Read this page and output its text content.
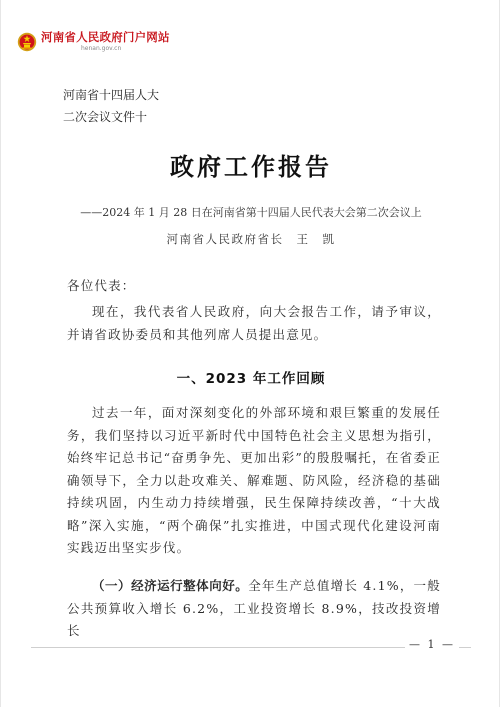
河南省人民政府门户网站
henan.gov.cn
河南省十四届人大
二次会议文件十
政府工作报告
——2024 年 1 月 28 日在河南省第十四届人民代表大会第二次会议上
河南省人民政府省长　王　凯
各位代表：
现在，我代表省人民政府，向大会报告工作，请予审议，并请省政协委员和其他列席人员提出意见。
一、2023 年工作回顾
过去一年，面对深刻变化的外部环境和艰巨繁重的发展任务，我们坚持以习近平新时代中国特色社会主义思想为指引，始终牢记总书记“奋勇争先、更加出彩”的殷殷嘱托，在省委正确领导下，全力以赴攻难关、解难题、防风险，经济稳的基础持续巩固，内生动力持续增强，民生保障持续改善，“十大战略”深入实施，“两个确保”扎实推进，中国式现代化建设河南实践迈出坚实步伐。
（一）经济运行整体向好。全年生产总值增长 4.1%，一般公共预算收入增长 6.2%，工业投资增长 8.9%，技改投资增长
— 1 —
